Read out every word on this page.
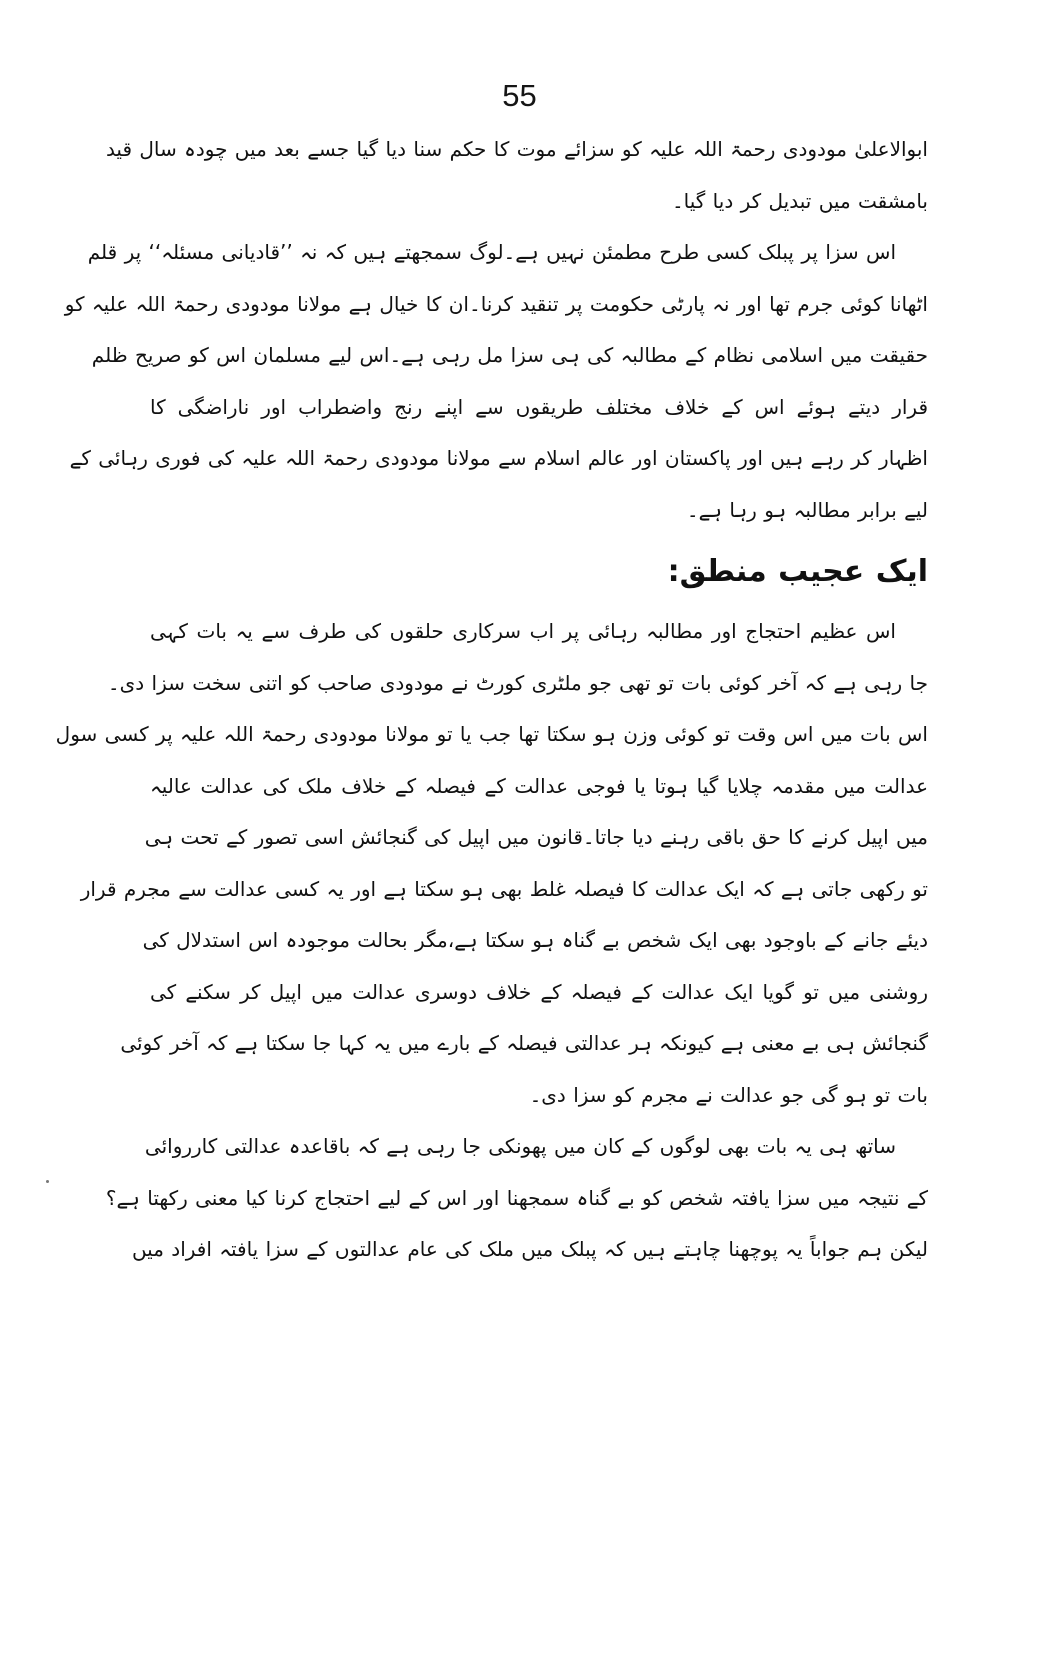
55
ابوالاعلیٰ مودودی رحمۃ اللہ علیہ کو سزائے موت کا حکم سنا دیا گیا جسے بعد میں چودہ سال قید
بامشقت میں تبدیل کر دیا گیا۔
اس سزا پر پبلک کسی طرح مطمئن نہیں ہے۔لوگ سمجھتے ہیں کہ نہ ’’قادیانی مسئلہ‘‘ پر قلم
اٹھانا کوئی جرم تھا اور نہ پارٹی حکومت پر تنقید کرنا۔ان کا خیال ہے مولانا مودودی رحمۃ اللہ علیہ کو
حقیقت میں اسلامی نظام کے مطالبہ کی ہی سزا مل رہی ہے۔اس لیے مسلمان اس کو صریح ظلم
قرار دیتے ہوئے اس کے خلاف مختلف طریقوں سے اپنے رنج واضطراب اور ناراضگی کا
اظہار کر رہے ہیں اور پاکستان اور عالم اسلام سے مولانا مودودی رحمۃ اللہ علیہ کی فوری رہائی کے
لیے برابر مطالبہ ہو رہا ہے۔
ایک عجیب منطق:
اس عظیم احتجاج اور مطالبہ رہائی پر اب سرکاری حلقوں کی طرف سے یہ بات کہی
جا رہی ہے کہ آخر کوئی بات تو تھی جو ملٹری کورٹ نے مودودی صاحب کو اتنی سخت سزا دی۔
اس بات میں اس وقت تو کوئی وزن ہو سکتا تھا جب یا تو مولانا مودودی رحمۃ اللہ علیہ پر کسی سول
عدالت میں مقدمہ چلایا گیا ہوتا یا فوجی عدالت کے فیصلہ کے خلاف ملک کی عدالت عالیہ
میں اپیل کرنے کا حق باقی رہنے دیا جاتا۔قانون میں اپیل کی گنجائش اسی تصور کے تحت ہی
تو رکھی جاتی ہے کہ ایک عدالت کا فیصلہ غلط بھی ہو سکتا ہے اور یہ کسی عدالت سے مجرم قرار
دیئے جانے کے باوجود بھی ایک شخص بے گناہ ہو سکتا ہے،مگر بحالت موجودہ اس استدلال کی
روشنی میں تو گویا ایک عدالت کے فیصلہ کے خلاف دوسری عدالت میں اپیل کر سکنے کی
گنجائش ہی بے معنی ہے کیونکہ ہر عدالتی فیصلہ کے بارے میں یہ کہا جا سکتا ہے کہ آخر کوئی
بات تو ہو گی جو عدالت نے مجرم کو سزا دی۔
ساتھ ہی یہ بات بھی لوگوں کے کان میں پھونکی جا رہی ہے کہ باقاعدہ عدالتی کارروائی
کے نتیجہ میں سزا یافتہ شخص کو بے گناہ سمجھنا اور اس کے لیے احتجاج کرنا کیا معنی رکھتا ہے؟
لیکن ہم جواباً یہ پوچھنا چاہتے ہیں کہ پبلک میں ملک کی عام عدالتوں کے سزا یافتہ افراد میں
